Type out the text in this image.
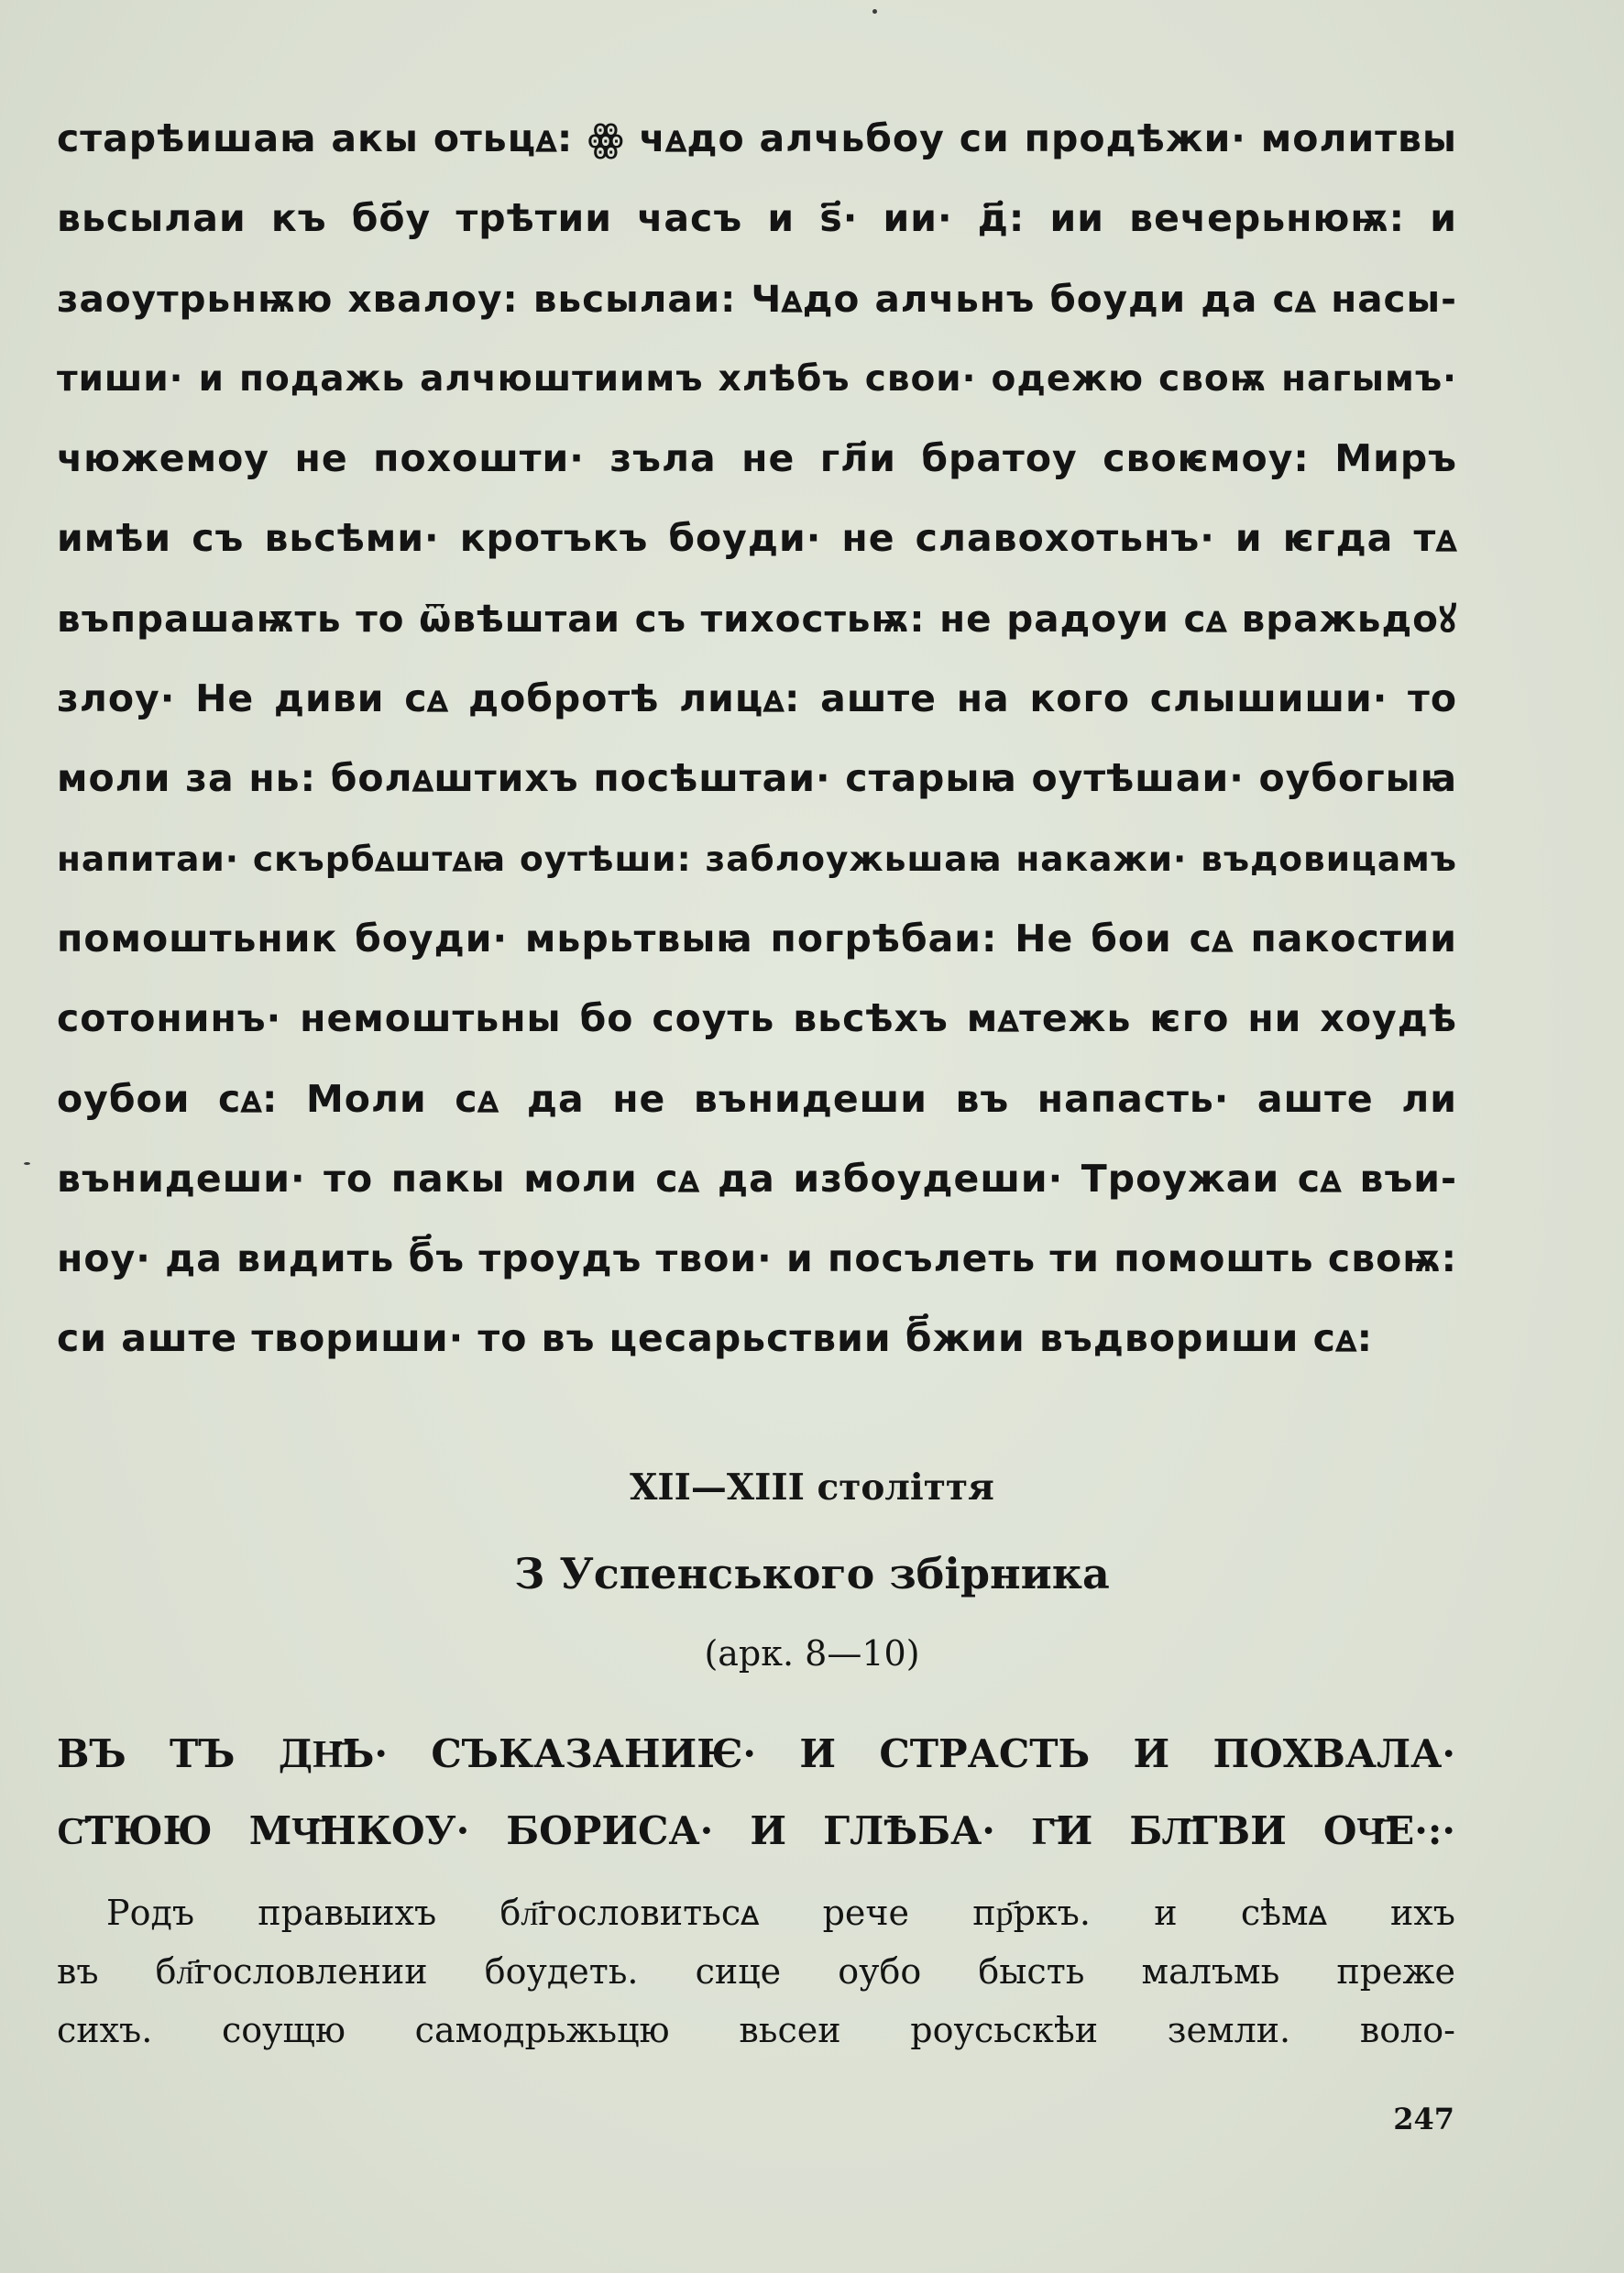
старѣишаꙗ акы отьцꙙ: ꙮ чꙙдо алчьбоу си продѣжи· молитвы
вьсылаи къ бо҃у трѣтии часъ и ѕ҃· ии· д҃: ии вечерьнюѭ: и
заоутрьнѭю хвалоу: вьсылаи: Чꙙдо алчьнъ боуди да сꙙ насы-
тиши· и подажь алчюштиимъ хлѣбъ свои· одежю своѭ нагымъ·
чюжемоу не похошти· зъла не гл҃и братоу своѥмоу: Миръ
имѣи съ вьсѣми· кротъкъ боуди· не славохотьнъ· и ѥгда тꙙ
въпрашаѭть то ѿвѣштаи съ тихостьѭ: не радоуи сꙙ вражьдоꙋ
злоу· Не диви сꙙ добротѣ лицꙙ: аште на кого слышиши· то
моли за нь: болꙙштихъ посѣштаи· старыꙗ оутѣшаи· оубогыꙗ
напитаи· скърбꙙштꙙꙗ оутѣши: заблоужьшаꙗ накажи· въдовицамъ
помоштьник боуди· мьрьтвыꙗ погрѣбаи: Не бои сꙙ пакостии
сотонинъ· немоштьны бо соуть вьсѣхъ мꙙтежь ѥго ни хоудѣ
оубои сꙙ: Моли сꙙ да не вънидеши въ напасть· аште ли
вънидеши· то пакы моли сꙙ да избоудеши· Троужаи сꙙ въи-
ноу· да видить б҃ъ троудъ твои· и посълеть ти помошть своѭ:
си аште твориши· то въ цесарьствии б҃жии въдвориши сꙙ:
XII—XIII століття
З Успенського збірника
(арк. 8—10)
ВЪ ТЪ ДН҃Ь· СЪКАЗАНИѤ· И СТРАСТЬ И ПОХВАЛА·
С҃ТЮЮ МЧ҃НКОУ· БОРИСА· И ГЛѢБА· Г҃И БЛ҃ГВИ ОЧ҃Е·:·
Родъ правыихъ бл҃гословитьсꙙ рече пр҃ркъ. и сѣмꙙ ихъ
въ бл҃гословлении боудеть. сице оубо бысть малъмь преже
сихъ. соущю самодрьжьцю вьсеи роусьскѣи земли. воло-
247
